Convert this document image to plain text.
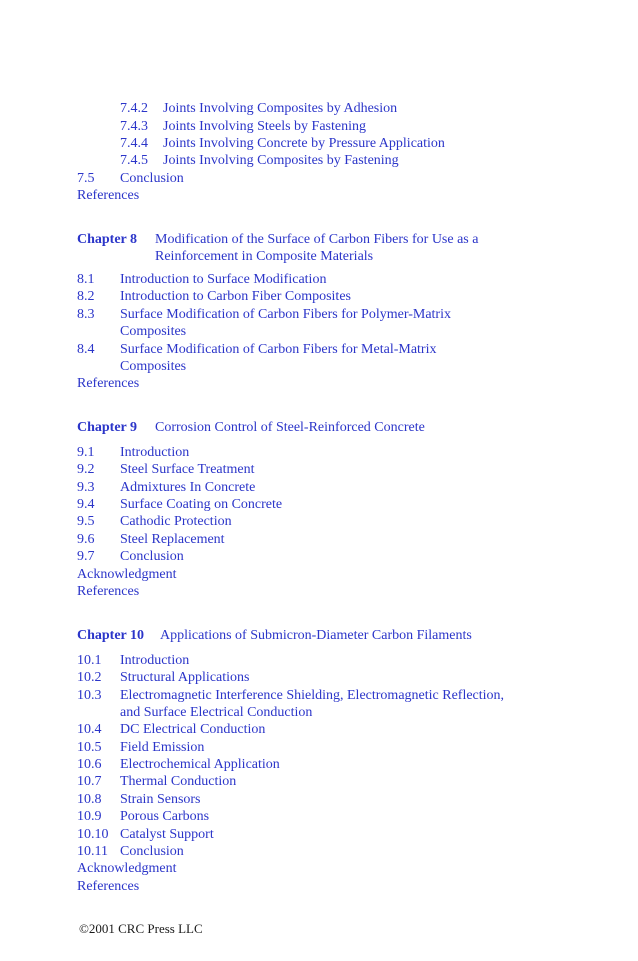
7.4.2 Joints Involving Composites by Adhesion
7.4.3 Joints Involving Steels by Fastening
7.4.4 Joints Involving Concrete by Pressure Application
7.4.5 Joints Involving Composites by Fastening
7.5 Conclusion
References
Chapter 8 Modification of the Surface of Carbon Fibers for Use as a
Reinforcement in Composite Materials
8.1 Introduction to Surface Modification
8.2 Introduction to Carbon Fiber Composites
8.3 Surface Modification of Carbon Fibers for Polymer-Matrix
Composites
8.4 Surface Modification of Carbon Fibers for Metal-Matrix
Composites
References
Chapter 9 Corrosion Control of Steel-Reinforced Concrete
9.1 Introduction
9.2 Steel Surface Treatment
9.3 Admixtures In Concrete
9.4 Surface Coating on Concrete
9.5 Cathodic Protection
9.6 Steel Replacement
9.7 Conclusion
Acknowledgment
References
Chapter 10 Applications of Submicron-Diameter Carbon Filaments
10.1 Introduction
10.2 Structural Applications
10.3 Electromagnetic Interference Shielding, Electromagnetic Reflection,
and Surface Electrical Conduction
10.4 DC Electrical Conduction
10.5 Field Emission
10.6 Electrochemical Application
10.7 Thermal Conduction
10.8 Strain Sensors
10.9 Porous Carbons
10.10 Catalyst Support
10.11 Conclusion
Acknowledgment
References
©2001 CRC Press LLC
